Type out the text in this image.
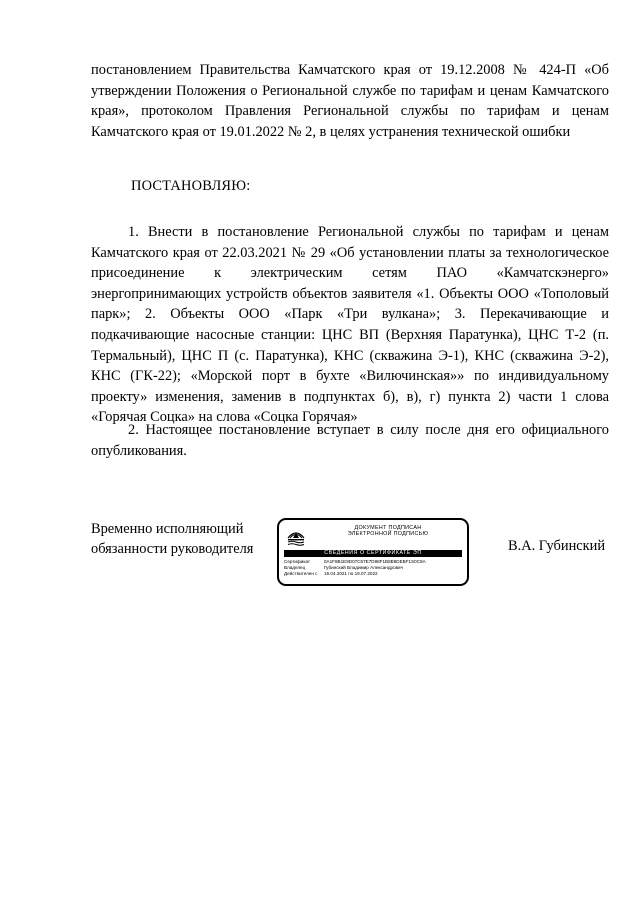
постановлением Правительства Камчатского края от 19.12.2008 № 424-П «Об утверждении Положения о Региональной службе по тарифам и ценам Камчатского края», протоколом Правления Региональной службы по тарифам и ценам Камчатского края от 19.01.2022 № 2, в целях устранения технической ошибки

ПОСТАНОВЛЯЮ:

1. Внести в постановление Региональной службы по тарифам и ценам Камчатского края от 22.03.2021 № 29 «Об установлении платы за технологическое присоединение к электрическим сетям ПАО «Камчатскэнерго» энергопринимающих устройств объектов заявителя «1. Объекты ООО «Тополовый парк»; 2. Объекты ООО «Парк «Три вулкана»; 3. Перекачивающие и подкачивающие насосные станции: ЦНС ВП (Верхняя Паратунка), ЦНС Т-2 (п. Термальный), ЦНС П (с. Паратунка), КНС (скважина Э-1), КНС (скважина Э-2), КНС (ГК-22); «Морской порт в бухте «Вилючинская»» по индивидуальному проекту» изменения, заменив в подпунктах б), в), г) пункта 2) части 1 слова «Горячая Соцка» на слова «Соцка Горячая»

2. Настоящее постановление вступает в силу после дня его официального опубликования.

Временно исполняющий
обязанности руководителя
ДОКУМЕНТ ПОДПИСАН
ЭЛЕКТРОННОЙ ПОДПИСЬЮ
СВЕДЕНИЯ О СЕРТИФИКАТЕ ЭП
Сертификат	0A1F8B1E9D07C57E7D98F1B8B8DEBF1S0C9A
Владелец	Губинский Владимир Александрович
Действителен с	19.04.2021 по 19.07.2022
В.А. Губинский
